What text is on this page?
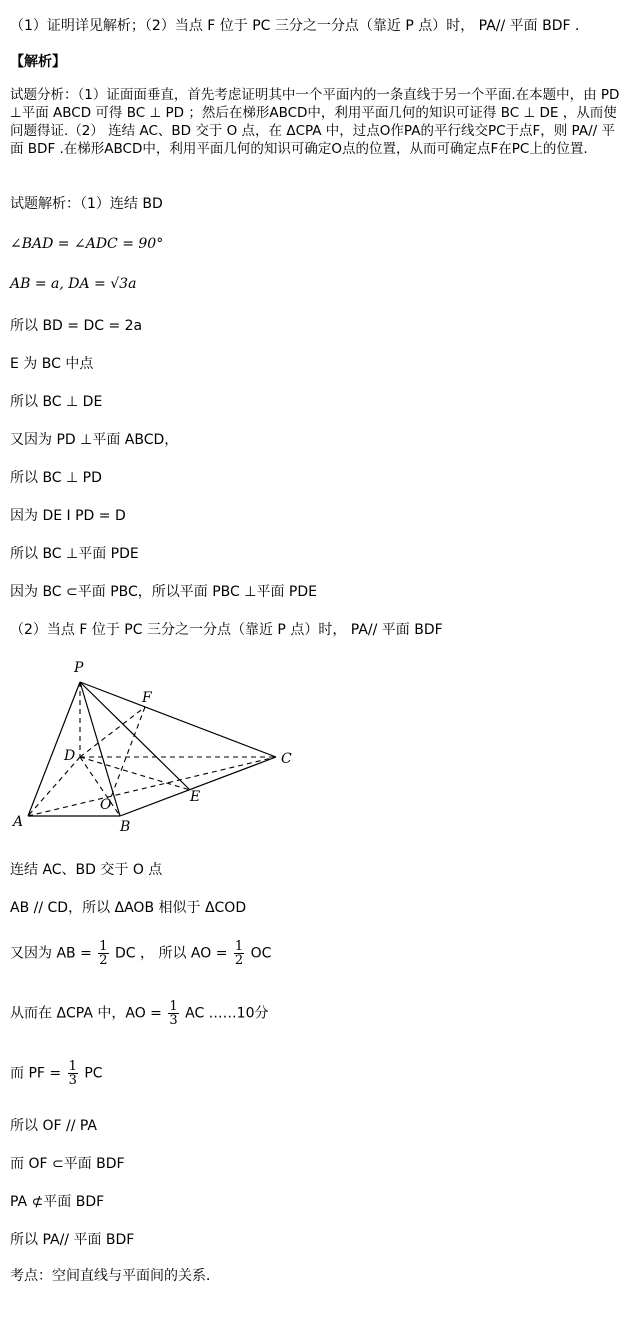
（1）证明详见解析；（2）当点 F 位于 PC 三分之一分点（靠近 P 点）时， PA// 平面 BDF ．
【解析】
试题分析：（1）证面面垂直，首先考虑证明其中一个平面内的一条直线于另一个平面.在本题中，由 PD ⊥平面 ABCD 可得 BC ⊥ PD ；然后在梯形ABCD中，利用平面几何的知识可证得 BC ⊥ DE ，从而使问题得证.（2） 连结 AC、BD 交于 O 点，在 ΔCPA 中，过点O作PA的平行线交PC于点F，则 PA// 平面 BDF .在梯形ABCD中，利用平面几何的知识可确定O点的位置，从而可确定点F在PC上的位置.
试题解析：（1）连结 BD
∠BAD = ∠ADC = 90°
AB = a, DA = √3a
所以 BD = DC = 2a
E 为 BC 中点
所以 BC ⊥ DE
又因为 PD ⊥平面 ABCD，
所以 BC ⊥ PD
因为 DE I PD = D
所以 BC ⊥平面 PDE
因为 BC ⊂平面 PBC，所以平面 PBC ⊥平面 PDE
（2）当点 F 位于 PC 三分之一分点（靠近 P 点）时， PA// 平面 BDF
P
F
D	C
O	E
A	B
连结 AC、BD 交于 O 点
AB // CD，所以 ΔAOB 相似于 ΔCOD
又因为 AB = $\frac{1}{2}$ DC ， 所以 AO = $\frac{1}{2}$ OC
从而在 ΔCPA 中，AO = $\frac{1}{3}$ AC ……10分
而 PF = $\frac{1}{3}$ PC
所以 OF // PA
而 OF ⊂平面 BDF
PA ⊄平面 BDF
所以 PA// 平面 BDF
考点：空间直线与平面间的关系．
